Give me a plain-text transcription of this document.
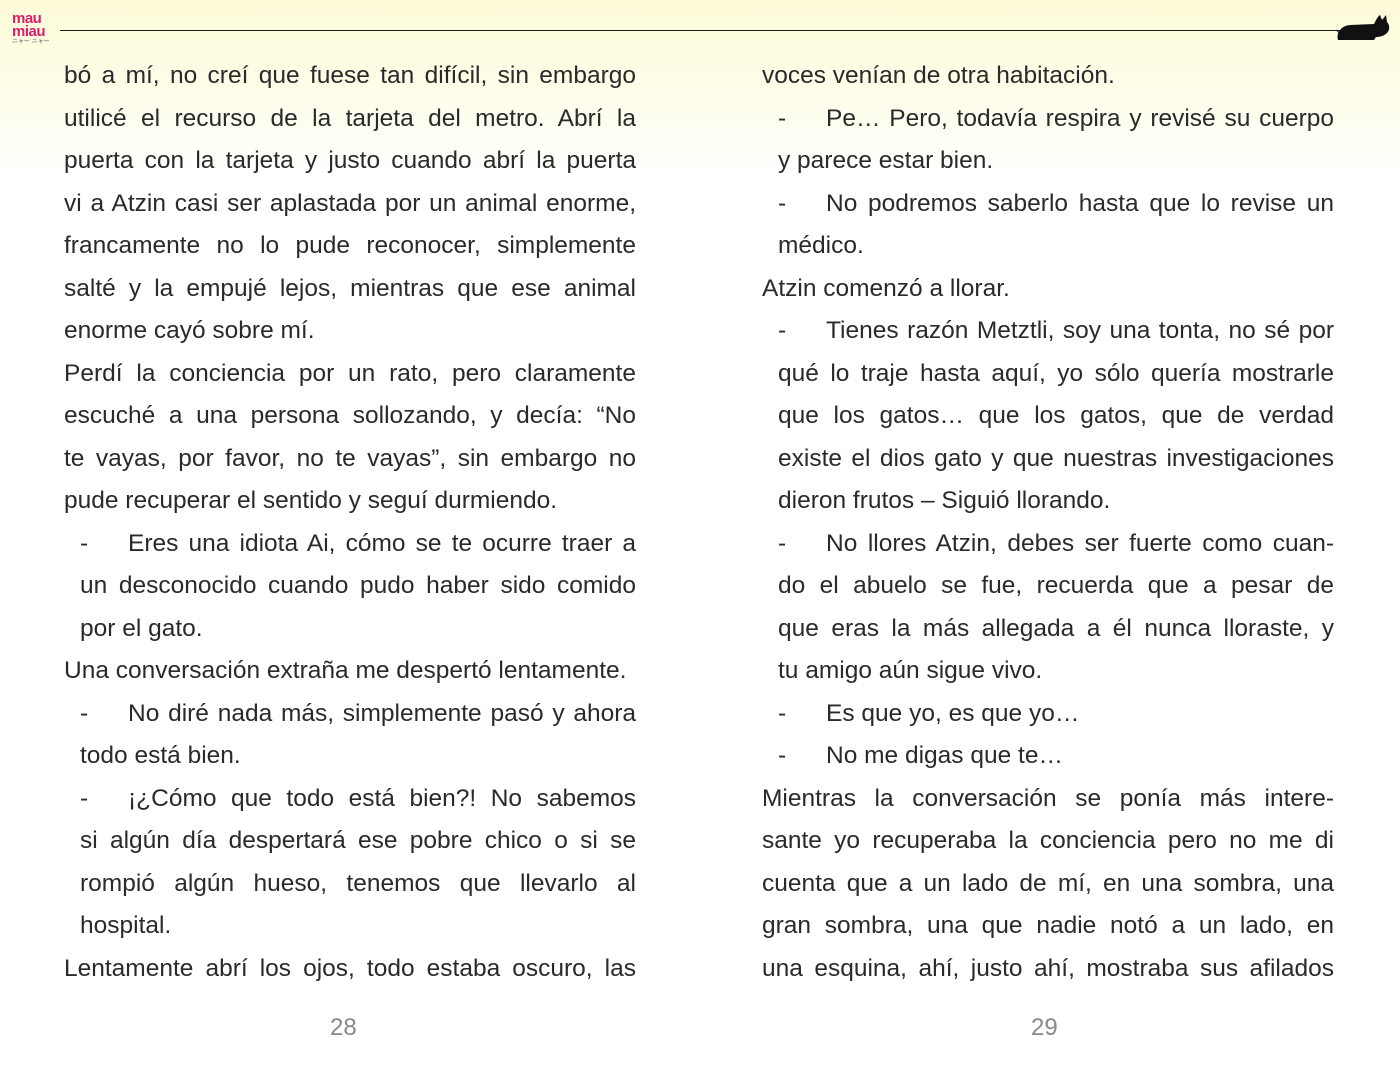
mau
miau
ニャー ニャー
bó a mí, no creí que fuese tan difícil, sin embargo
utilicé el recurso de la tarjeta del metro. Abrí la
puerta con la tarjeta y justo cuando abrí la puerta
vi a Atzin casi ser aplastada por un animal enorme,
francamente no lo pude reconocer, simplemente
salté y la empujé lejos, mientras que ese animal
enorme cayó sobre mí.
Perdí la conciencia por un rato, pero claramente
escuché a una persona sollozando, y decía: “No
te vayas, por favor, no te vayas”, sin embargo no
pude recuperar el sentido y seguí durmiendo.
- Eres una idiota Ai, cómo se te ocurre traer a
un desconocido cuando pudo haber sido comido
por el gato.
Una conversación extraña me despertó lentamente.
- No diré nada más, simplemente pasó y ahora
todo está bien.
- ¡¿Cómo que todo está bien?! No sabemos
si algún día despertará ese pobre chico o si se
rompió algún hueso, tenemos que llevarlo al
hospital.
Lentamente abrí los ojos, todo estaba oscuro, las
voces venían de otra habitación.
- Pe… Pero, todavía respira y revisé su cuerpo
y parece estar bien.
- No podremos saberlo hasta que lo revise un
médico.
Atzin comenzó a llorar.
- Tienes razón Metztli, soy una tonta, no sé por
qué lo traje hasta aquí, yo sólo quería mostrarle
que los gatos… que los gatos, que de verdad
existe el dios gato y que nuestras investigaciones
dieron frutos – Siguió llorando.
- No llores Atzin, debes ser fuerte como cuan-
do el abuelo se fue, recuerda que a pesar de
que eras la más allegada a él nunca lloraste, y
tu amigo aún sigue vivo.
- Es que yo, es que yo…
- No me digas que te…
Mientras la conversación se ponía más intere-
sante yo recuperaba la conciencia pero no me di
cuenta que a un lado de mí, en una sombra, una
gran sombra, una que nadie notó a un lado, en
una esquina, ahí, justo ahí, mostraba sus afilados
28	29
